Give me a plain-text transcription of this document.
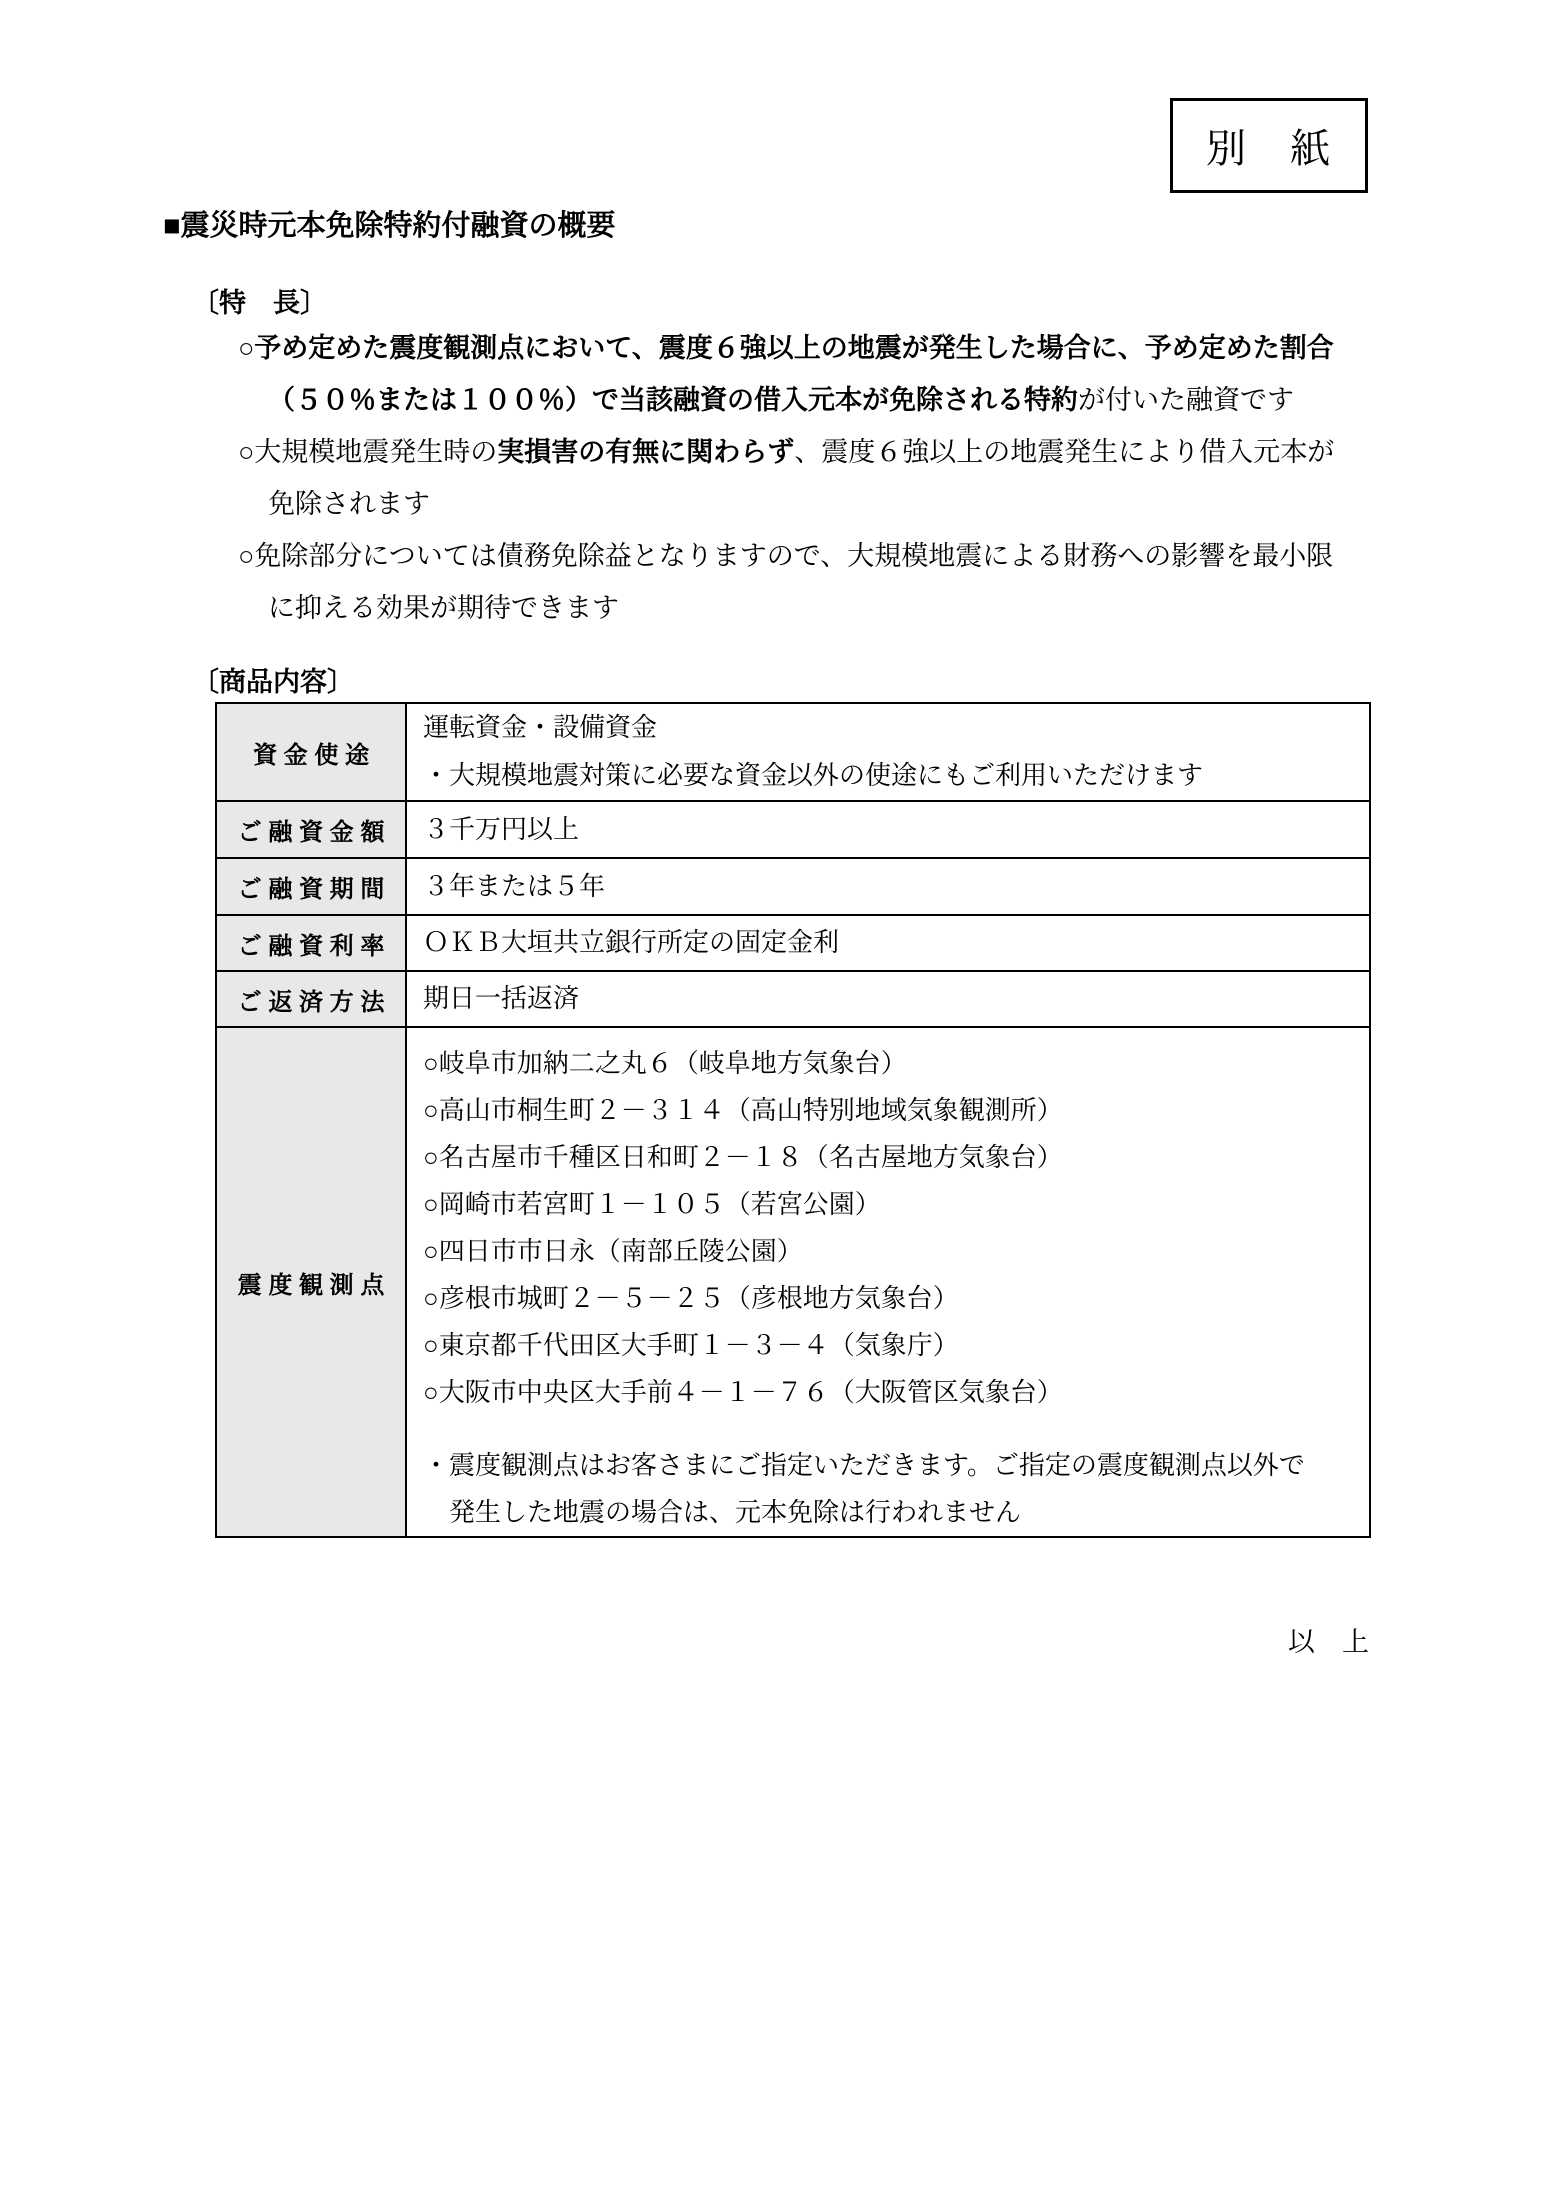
別　紙
■震災時元本免除特約付融資の概要
〔特　長〕
○予め定めた震度観測点において、震度６強以上の地震が発生した場合に、予め定めた割合
（５０％または１００％）で当該融資の借入元本が免除される特約が付いた融資です
○大規模地震発生時の実損害の有無に関わらず、震度６強以上の地震発生により借入元本が
免除されます
○免除部分については債務免除益となりますので、大規模地震による財務への影響を最小限
に抑える効果が期待できます
〔商品内容〕
資 金 使 途	運転資金・設備資金
・大規模地震対策に必要な資金以外の使途にもご利用いただけます

ご 融 資 金 額	３千万円以上

ご 融 資 期 間	３年または５年

ご 融 資 利 率	ＯＫＢ大垣共立銀行所定の固定金利

ご 返 済 方 法	期日一括返済

震 度 観 測 点	
○岐阜市加納二之丸６（岐阜地方気象台）
○高山市桐生町２－３１４（高山特別地域気象観測所）
○名古屋市千種区日和町２－１８（名古屋地方気象台）
○岡崎市若宮町１－１０５（若宮公園）
○四日市市日永（南部丘陵公園）
○彦根市城町２－５－２５（彦根地方気象台）
○東京都千代田区大手町１－３－４（気象庁）
○大阪市中央区大手前４－１－７６（大阪管区気象台）
・震度観測点はお客さまにご指定いただきます。ご指定の震度観測点以外で
発生した地震の場合は、元本免除は行われません
以　上
